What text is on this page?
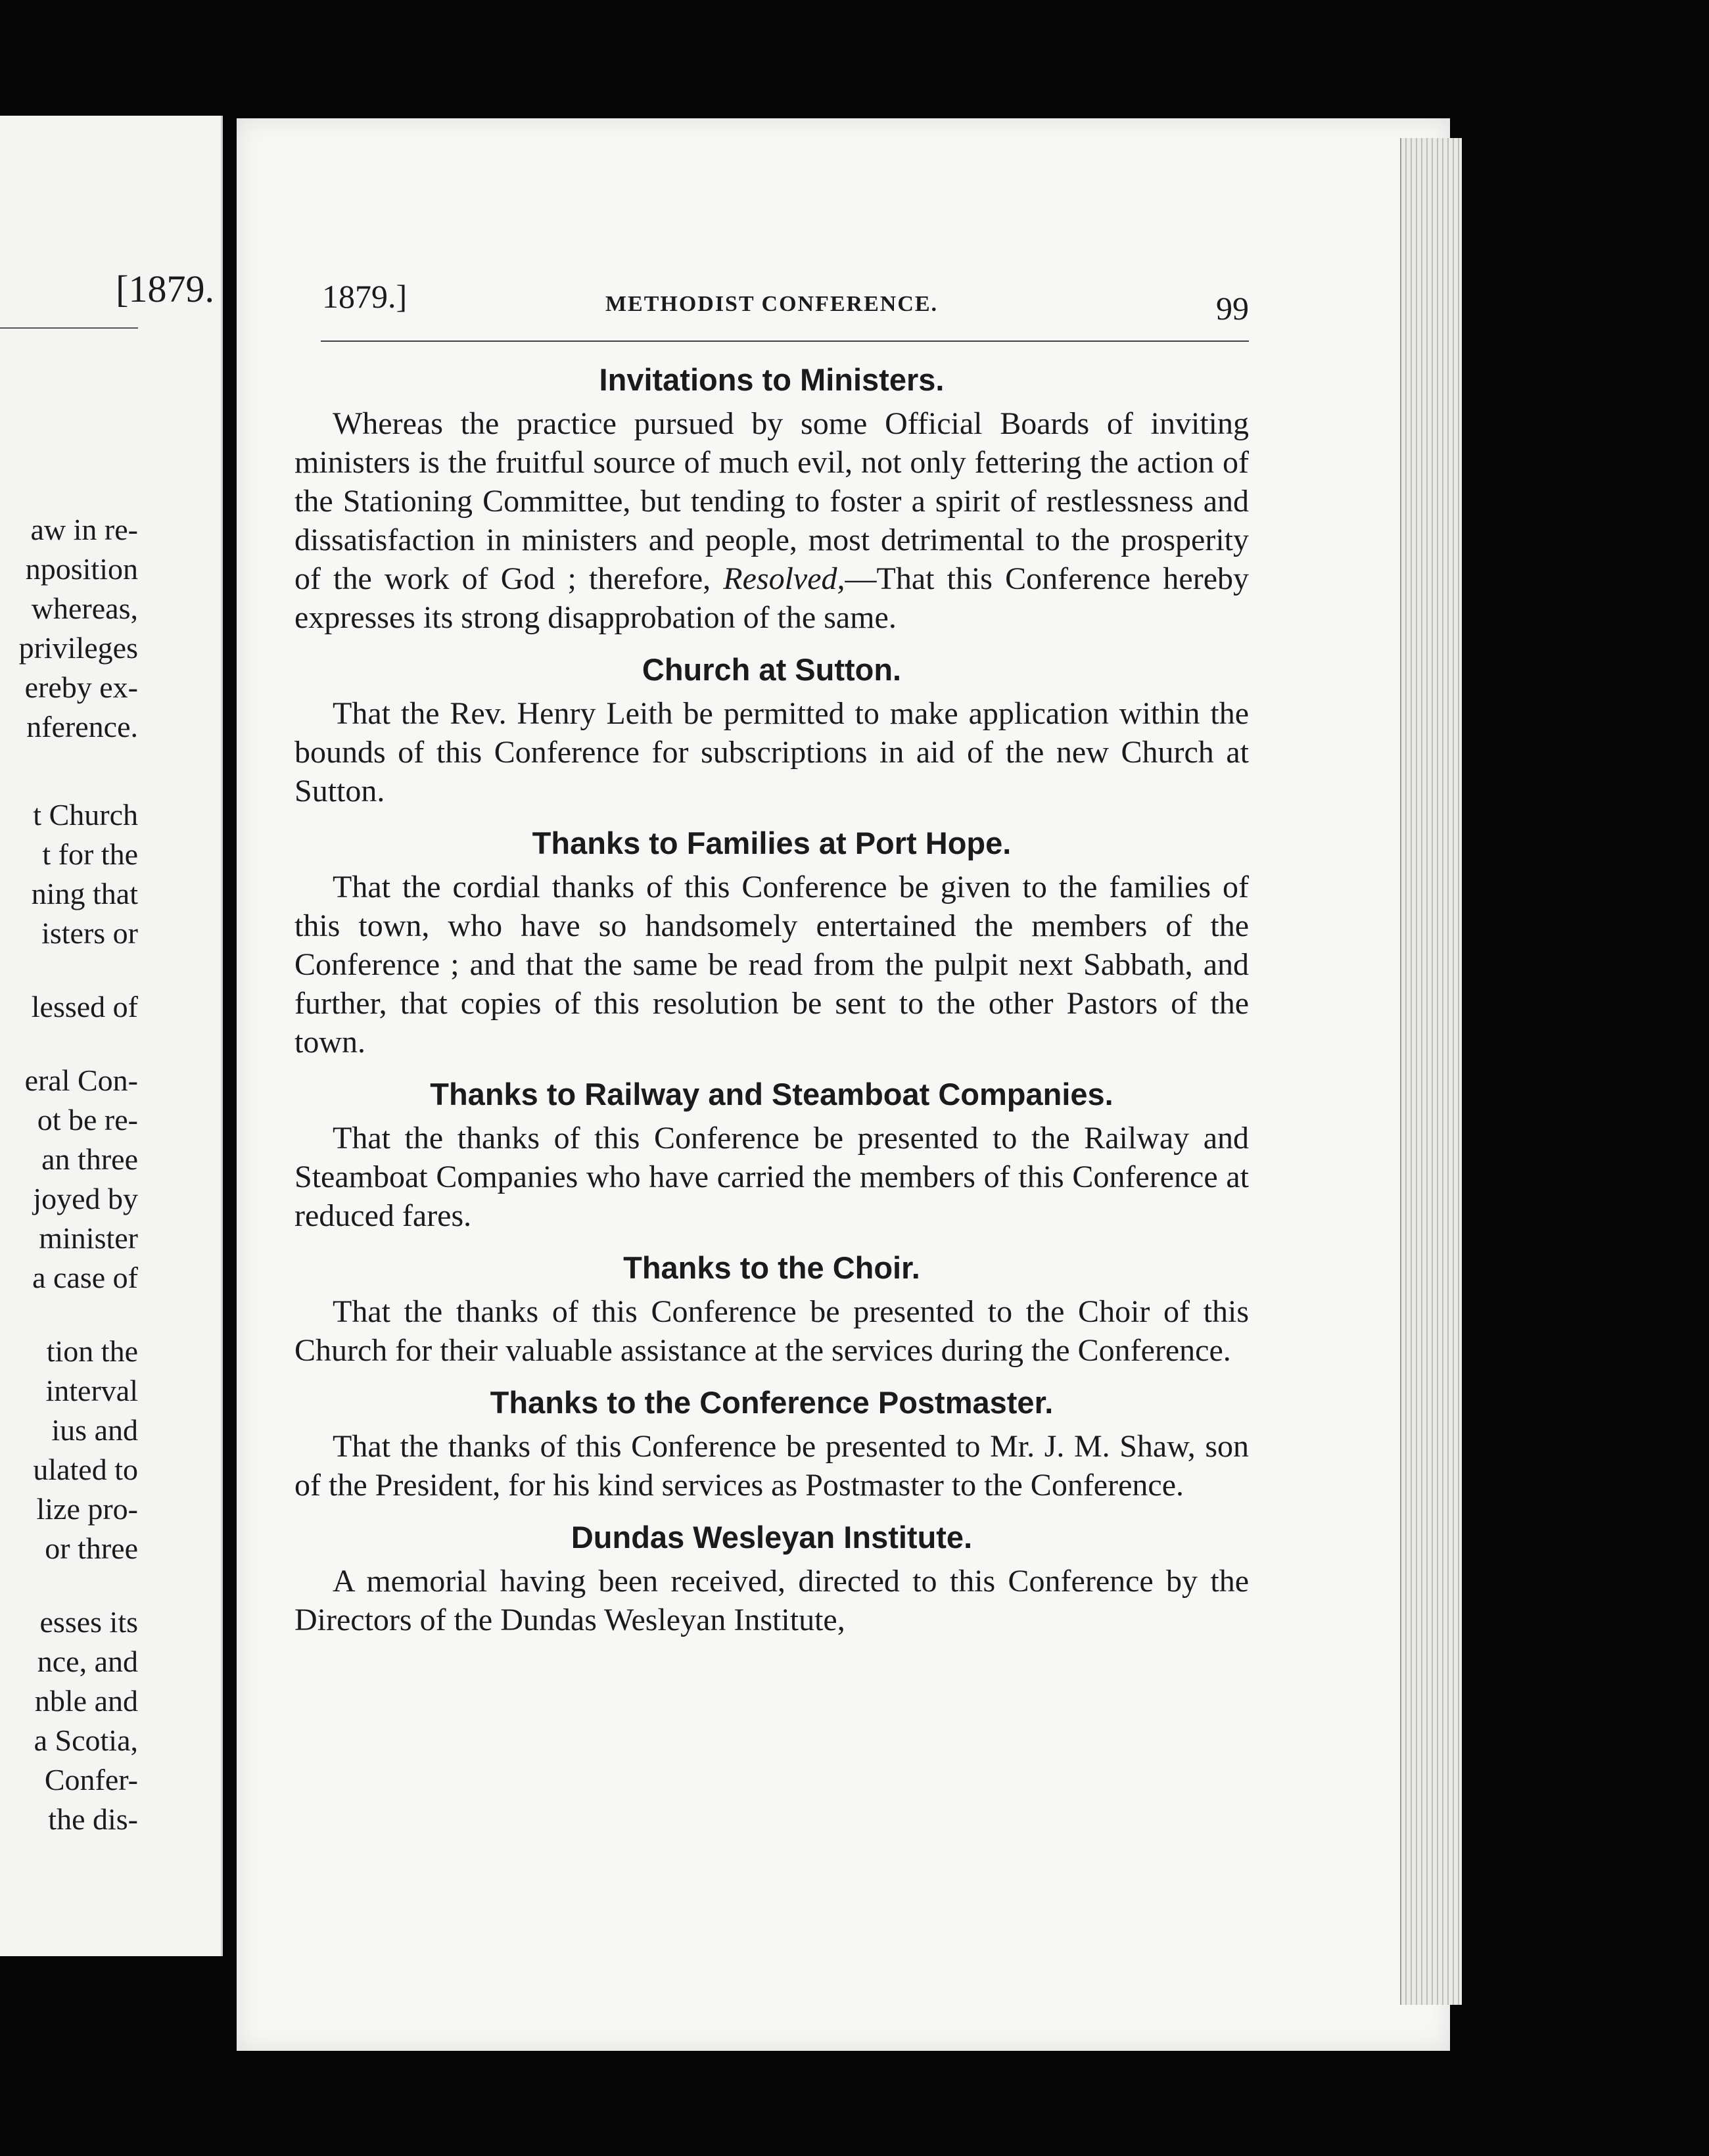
[1879.

aw in re-

nposition

whereas,

privileges

ereby ex-

nference.

t Church

t for the

ning that

isters or

lessed of

eral Con-

ot be re-

an three

joyed by

minister

a case of

tion the

interval

ius and

ulated to

lize pro-

or three

esses its

nce, and

nble and

a Scotia,

Confer-

the dis-

1879.]	METHODIST CONFERENCE.	99
Invitations to Ministers.

Whereas the practice pursued by some Official Boards of inviting ministers is the fruitful source of much evil, not only fettering the action of the Stationing Committee, but tending to foster a spirit of restlessness and dissatisfaction in ministers and people, most detrimental to the prosperity of the work of God ; therefore, Resolved,—That this Conference hereby expresses its strong disapprobation of the same.

Church at Sutton.

That the Rev. Henry Leith be permitted to make application within the bounds of this Conference for subscriptions in aid of the new Church at Sutton.

Thanks to Families at Port Hope.

That the cordial thanks of this Conference be given to the families of this town, who have so handsomely entertained the members of the Conference ; and that the same be read from the pulpit next Sabbath, and further, that copies of this resolution be sent to the other Pastors of the town.

Thanks to Railway and Steamboat Companies.

That the thanks of this Conference be presented to the Railway and Steamboat Companies who have carried the members of this Conference at reduced fares.

Thanks to the Choir.

That the thanks of this Conference be presented to the Choir of this Church for their valuable assistance at the services during the Conference.

Thanks to the Conference Postmaster.

That the thanks of this Conference be presented to Mr. J. M. Shaw, son of the President, for his kind services as Postmaster to the Conference.

Dundas Wesleyan Institute.

A memorial having been received, directed to this Conference by the Directors of the Dundas Wesleyan Institute,
